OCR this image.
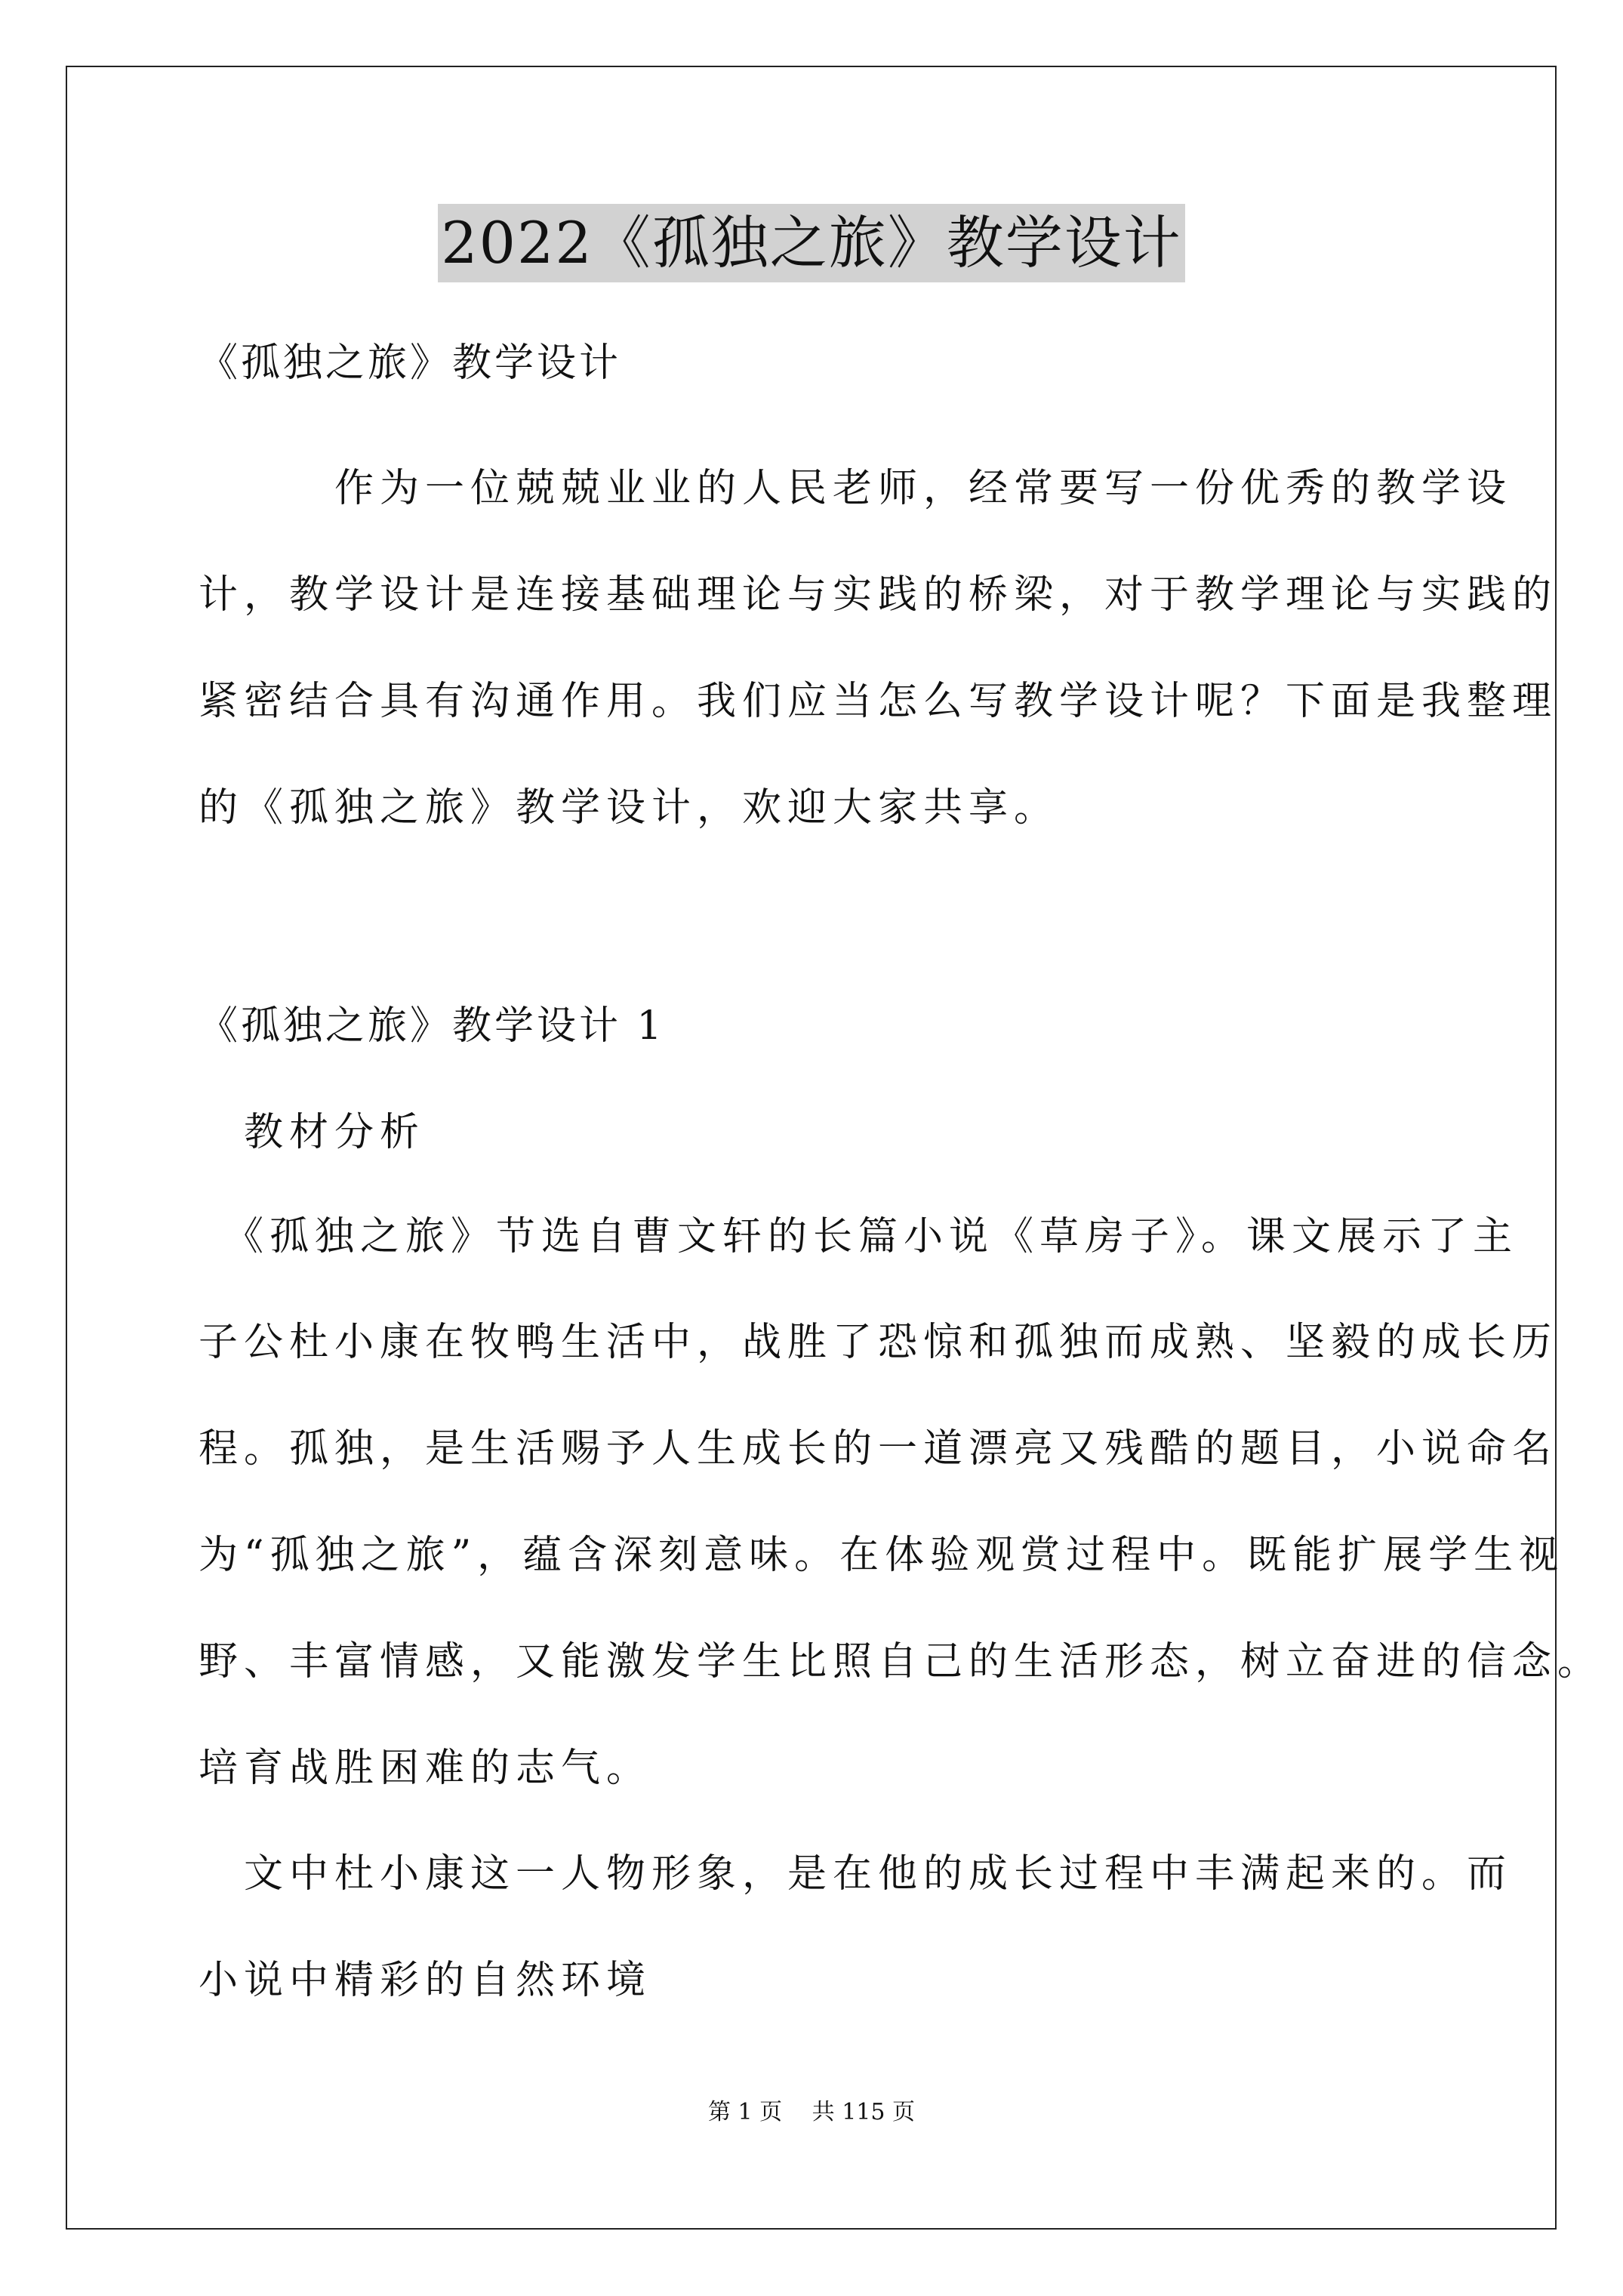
2022《孤独之旅》教学设计
《孤独之旅》教学设计
　　　作为一位兢兢业业的人民老师，经常要写一份优秀的教学设
计，教学设计是连接基础理论与实践的桥梁，对于教学理论与实践的
紧密结合具有沟通作用。我们应当怎么写教学设计呢？下面是我整理
的《孤独之旅》教学设计，欢迎大家共享。
《孤独之旅》教学设计 1
　教材分析
　《孤独之旅》节选自曹文轩的长篇小说《草房子》。课文展示了主
子公杜小康在牧鸭生活中，战胜了恐惊和孤独而成熟、坚毅的成长历
程。孤独，是生活赐予人生成长的一道漂亮又残酷的题目，小说命名
为“孤独之旅”，蕴含深刻意味。在体验观赏过程中。既能扩展学生视
野、丰富情感，又能激发学生比照自己的生活形态，树立奋进的信念。
培育战胜困难的志气。
　文中杜小康这一人物形象，是在他的成长过程中丰满起来的。而
小说中精彩的自然环境
第 1 页　 共 115 页
